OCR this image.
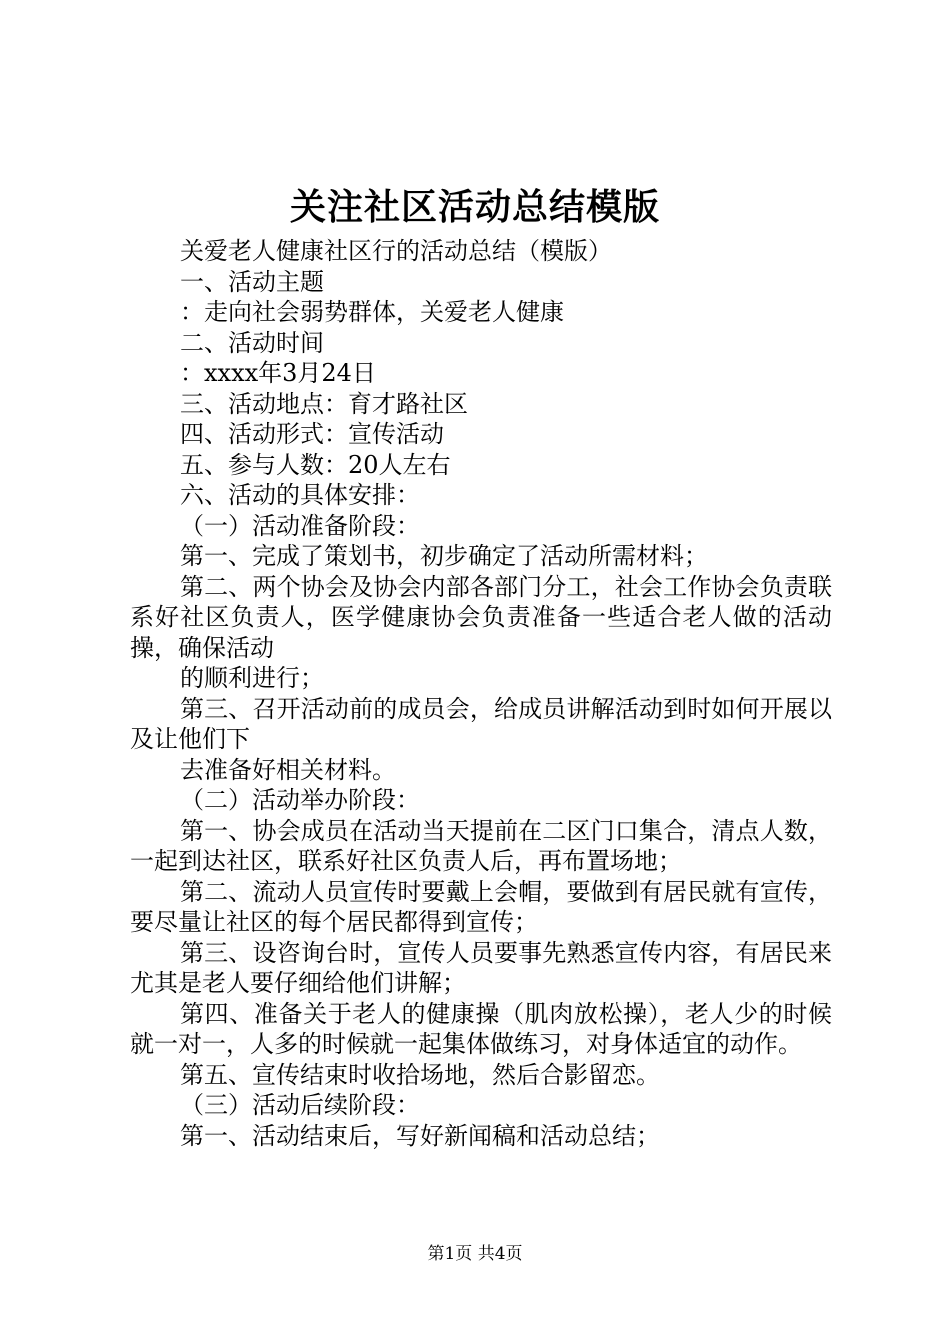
关注社区活动总结模版

关爱老人健康社区行的活动总结（模版）

一、活动主题

：走向社会弱势群体，关爱老人健康

二、活动时间

：xxxx年3月24日

三、活动地点：育才路社区

四、活动形式：宣传活动

五、参与人数：20人左右

六、活动的具体安排：

（一）活动准备阶段：

第一、完成了策划书，初步确定了活动所需材料；

第二、两个协会及协会内部各部门分工，社会工作协会负责联系好社区负责人，医学健康协会负责准备一些适合老人做的活动操，确保活动

的顺利进行；

第三、召开活动前的成员会，给成员讲解活动到时如何开展以及让他们下

去准备好相关材料。

（二）活动举办阶段：

第一、协会成员在活动当天提前在二区门口集合，清点人数，一起到达社区，联系好社区负责人后，再布置场地；

第二、流动人员宣传时要戴上会帽，要做到有居民就有宣传，要尽量让社区的每个居民都得到宣传；

第三、设咨询台时，宣传人员要事先熟悉宣传内容，有居民来尤其是老人要仔细给他们讲解；

第四、准备关于老人的健康操（肌肉放松操），老人少的时候就一对一，人多的时候就一起集体做练习，对身体适宜的动作。

第五、宣传结束时收拾场地，然后合影留恋。

（三）活动后续阶段：

第一、活动结束后，写好新闻稿和活动总结；

第1页 共4页
